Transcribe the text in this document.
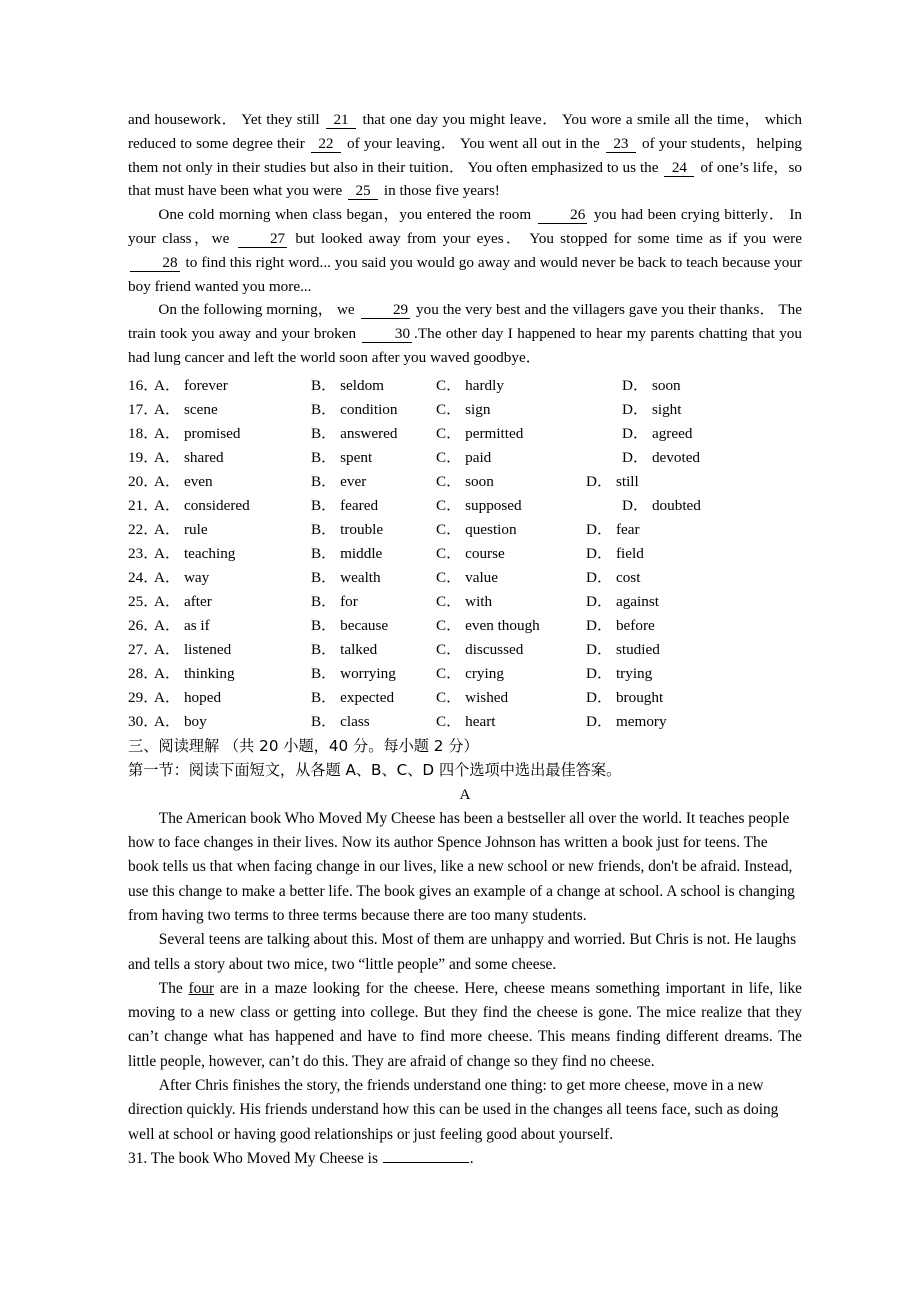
and housework． Yet they still 21 that one day you might leave． You wore a smile all the time， which reduced to some degree their 22 of your leaving． You went all out in the 23 of your students，helping them not only in their studies but also in their tuition． You often emphasized to us the 24 of one’s life，so that must have been what you were 25 in those five years!

One cold morning when class began，you entered the room 26 you had been crying bitterly． In your class，we 27 but looked away from your eyes． You stopped for some time as if you were 28 to find this right word... you said you would go away and would never be back to teach because your boy friend wanted you more...

On the following morning， we 29 you the very best and the villagers gave you their thanks． The train took you away and your broken 30 .The other day I happened to hear my parents chatting that you had lung cancer and left the world soon after you waved goodbye．

16．
A． forever	B． seldom	C． hardly	D． soon
17．
A． scene	B． condition	C． sign	D． sight
18．
A． promised	B． answered	C． permitted	D． agreed
19．
A． shared	B． spent	C． paid	D． devoted
20．
A． even	B． ever	C． soon	D． still
21．
A． considered	B． feared	C． supposed	D． doubted
22．
A． rule	B． trouble	C． question	D． fear
23．
A． teaching	B． middle	C． course	D． field
24．
A． way	B． wealth	C． value	D． cost
25．
A． after	B． for	C． with	D． against
26．
A． as if	B． because	C． even though	D． before
27．
A． listened	B． talked	C． discussed	D． studied
28．
A． thinking	B． worrying	C． crying	D． trying
29．
A． hoped	B． expected	C． wished	D． brought
30．
A． boy	B． class	C． heart	D． memory
三、阅读理解 （共 20 小题，40 分。每小题 2 分）
第一节：阅读下面短文，从各题 A、B、C、D 四个选项中选出最佳答案。
A

The American book Who Moved My Cheese has been a bestseller all over the world. It teaches people how to face changes in their lives. Now its author Spence Johnson has written a book just for teens. The book tells us that when facing change in our lives, like a new school or new friends, don't be afraid. Instead, use this change to make a better life. The book gives an example of a change at school. A school is changing from having two terms to three terms because there are too many students.

Several teens are talking about this. Most of them are unhappy and worried. But Chris is not. He laughs and tells a story about two mice, two “little people” and some cheese.

The four are in a maze looking for the cheese. Here, cheese means something important in life, like moving to a new class or getting into college. But they find the cheese is gone. The mice realize that they can’t change what has happened and have to find more cheese. This means finding different dreams. The little people, however, can’t do this. They are afraid of change so they find no cheese.

After Chris finishes the story, the friends understand one thing: to get more cheese, move in a new direction quickly. His friends understand how this can be used in the changes all teens face, such as doing well at school or having good relationships or just feeling good about yourself.

31. The book Who Moved My Cheese is	.
